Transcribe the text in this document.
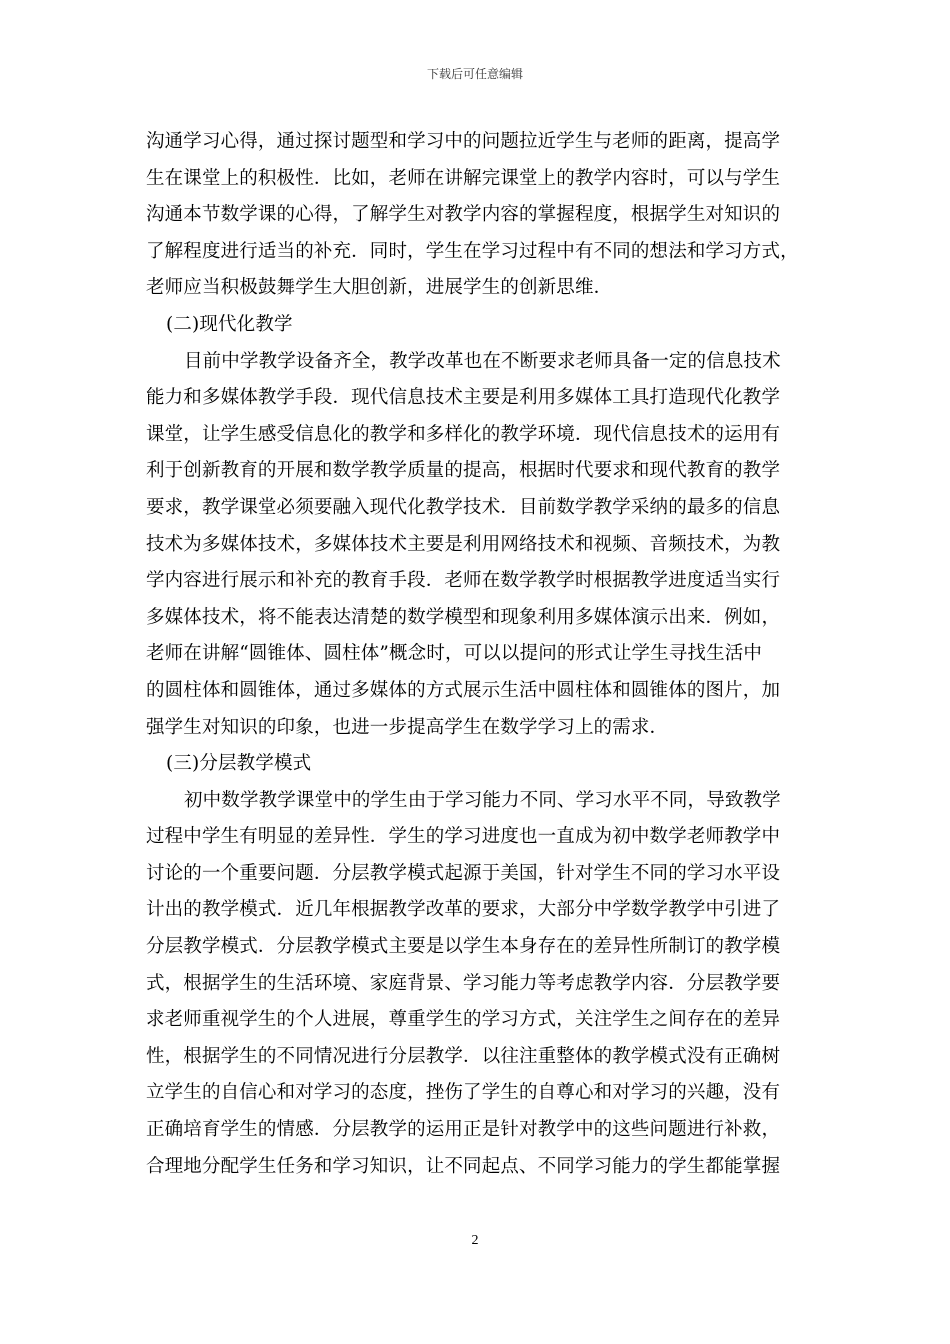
下载后可任意编辑
沟通学习心得，通过探讨题型和学习中的问题拉近学生与老师的距离，提高学
生在课堂上的积极性．比如，老师在讲解完课堂上的教学内容时，可以与学生
沟通本节数学课的心得，了解学生对教学内容的掌握程度，根据学生对知识的
了解程度进行适当的补充．同时，学生在学习过程中有不同的想法和学习方式，
老师应当积极鼓舞学生大胆创新，进展学生的创新思维．
(二)现代化教学
目前中学教学设备齐全，教学改革也在不断要求老师具备一定的信息技术
能力和多媒体教学手段．现代信息技术主要是利用多媒体工具打造现代化教学
课堂，让学生感受信息化的教学和多样化的教学环境．现代信息技术的运用有
利于创新教育的开展和数学教学质量的提高，根据时代要求和现代教育的教学
要求，教学课堂必须要融入现代化教学技术．目前数学教学采纳的最多的信息
技术为多媒体技术，多媒体技术主要是利用网络技术和视频、音频技术，为教
学内容进行展示和补充的教育手段．老师在数学教学时根据教学进度适当实行
多媒体技术，将不能表达清楚的数学模型和现象利用多媒体演示出来．例如，
老师在讲解“圆锥体、圆柱体”概念时，可以以提问的形式让学生寻找生活中
的圆柱体和圆锥体，通过多媒体的方式展示生活中圆柱体和圆锥体的图片，加
强学生对知识的印象，也进一步提高学生在数学学习上的需求．
(三)分层教学模式
初中数学教学课堂中的学生由于学习能力不同、学习水平不同，导致教学
过程中学生有明显的差异性．学生的学习进度也一直成为初中数学老师教学中
讨论的一个重要问题．分层教学模式起源于美国，针对学生不同的学习水平设
计出的教学模式．近几年根据教学改革的要求，大部分中学数学教学中引进了
分层教学模式．分层教学模式主要是以学生本身存在的差异性所制订的教学模
式，根据学生的生活环境、家庭背景、学习能力等考虑教学内容．分层教学要
求老师重视学生的个人进展，尊重学生的学习方式，关注学生之间存在的差异
性，根据学生的不同情况进行分层教学．以往注重整体的教学模式没有正确树
立学生的自信心和对学习的态度，挫伤了学生的自尊心和对学习的兴趣，没有
正确培育学生的情感．分层教学的运用正是针对教学中的这些问题进行补救，
合理地分配学生任务和学习知识，让不同起点、不同学习能力的学生都能掌握
2
